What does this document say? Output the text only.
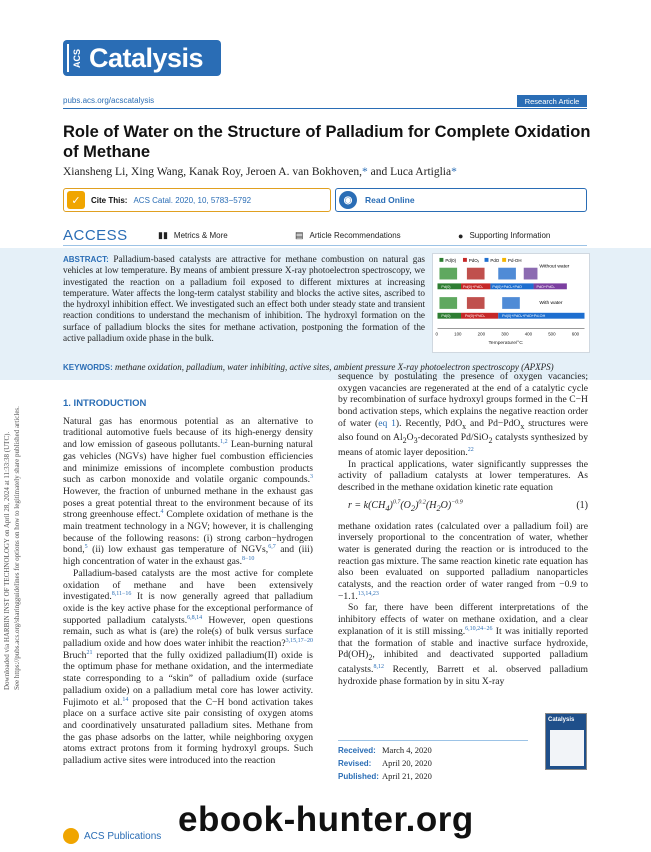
Downloaded via HARBIN INST OF TECHNOLOGY on April 28, 2024 at 11:33:38 (UTC). See https://pubs.acs.org/sharingguidelines for options on how to legitimately share published articles.
ACS Catalysis
pubs.acs.org/acscatalysis	Research Article
Role of Water on the Structure of Palladium for Complete Oxidation of Methane
Xiansheng Li, Xing Wang, Kanak Roy, Jeroen A. van Bokhoven,* and Luca Artiglia*
✓	Cite This: ACS Catal. 2020, 10, 5783−5792	◉	Read Online
ACCESS	▮▮ Metrics & More	▤ Article Recommendations	● Supporting Information
ABSTRACT: Palladium-based catalysts are attractive for methane combustion on natural gas vehicles at low temperature. By means of ambient pressure X-ray photoelectron spectroscopy, we investigated the reaction on a palladium foil exposed to different mixtures at increasing temperature. Water affects the long-term catalyst stability and blocks the active sites, ascribed to the hydroxyl inhibition effect. We investigated such an effect both under steady state and transient reaction conditions to understand the mechanism of inhibition. The hydroxyl formation on the surface of palladium blocks the sites for methane activation, postponing the formation of the active palladium oxide phase in the bulk.
Pd(0)	PdOₓ	PdO Pd-OH
Without water
Pd(0)	Pd(0)+PdOₓ Pd(0)+PdOₓ+PdO	PdO+PdOₓ
With water
Pd(0)	Pd(0)+PdOₓ	Pd(0)+PdOₓ+PdO+Pd-OH
0	100	200	300	400	500	600
Temperature/°C
KEYWORDS: methane oxidation, palladium, water inhibiting, active sites, ambient pressure X-ray photoelectron spectroscopy (APXPS)
1. INTRODUCTION

Natural gas has enormous potential as an alternative to traditional automotive fuels because of its high-energy density and low emission of gaseous pollutants.$^{1,2}$ Lean-burning natural gas vehicles (NGVs) have higher fuel combustion efficiencies and minimize emissions of incomplete combustion products such as carbon monoxide and volatile organic compounds.$^3$ However, the fraction of unburned methane in the exhaust gas poses a great potential threat to the environment because of its strong greenhouse effect.$^4$ Complete oxidation of methane is the main treatment technology in a NGV; however, it is challenging because of the following reasons: (i) strong carbon−hydrogen bond,$^5$ (ii) low exhaust gas temperature of NGVs,$^{6,7}$ and (iii) high concentration of water in the exhaust gas.$^{8-10}$

Palladium-based catalysts are the most active for complete oxidation of methane and have been extensively investigated.$^{8,11-16}$ It is now generally agreed that palladium oxide is the key active phase for the exceptional performance of supported palladium catalysts.$^{6,8,14}$ However, open questions remain, such as what is (are) the role(s) of bulk versus surface palladium oxide and how does water inhibit the reaction?$^{3,15,17-20}$ Bruch$^{21}$ reported that the fully oxidized palladium(II) oxide is the optimum phase for methane oxidation, and the intermediate state corresponding to a “skin” of palladium oxide (surface palladium oxide) on a palladium metal core has lower activity. Fujimoto et al.$^{14}$ proposed that the C−H bond activation takes place on a surface active site pair consisting of oxygen atoms and coordinatively unsaturated palladium sites. Methane from the gas phase adsorbs on the latter, while neighboring oxygen atoms extract protons from it forming hydroxyl groups. Such palladium active sites were introduced into the reaction

sequence by postulating the presence of oxygen vacancies; oxygen vacancies are regenerated at the end of a catalytic cycle by recombination of surface hydroxyl groups formed in the C−H bond activation steps, which explains the negative reaction order of water (eq 1). Recently, PdO$_x$ and Pd−PdO$_x$ structures were also found on $Al_2O_3$-decorated Pd/SiO$_2$ catalysts synthesized by means of atomic layer deposition.$^{22}$

In practical applications, water significantly suppresses the activity of palladium catalysts at lower temperatures. As described in the methane oxidation kinetic rate equation

$r = k(CH_4)^{0.7}(O_2)^{0.2}(H_2O)^{-0.9}$	(1)

methane oxidation rates (calculated over a palladium foil) are inversely proportional to the concentration of water, whether water is generated during the reaction or is introduced to the reaction gas mixture. The same reaction kinetic rate equation has also been evaluated on supported palladium nanoparticles catalysts, and the reaction order of water ranged from −0.9 to −1.1.$^{13,14,23}$

So far, there have been different interpretations of the inhibitory effects of water on methane oxidation, and a clear explanation of it is still missing.$^{6,10,24-26}$ It was initially reported that the formation of stable and inactive surface hydroxide, $Pd(OH)_2$, inhibited and deactivated supported palladium catalysts.$^{8,12}$ Recently, Barrett et al. observed palladium hydroxide phase formation by in situ X-ray

Received: March 4, 2020
Revised: April 20, 2020
Published: April 21, 2020
Catalysis
ACS Publications ebook-hunter.org
